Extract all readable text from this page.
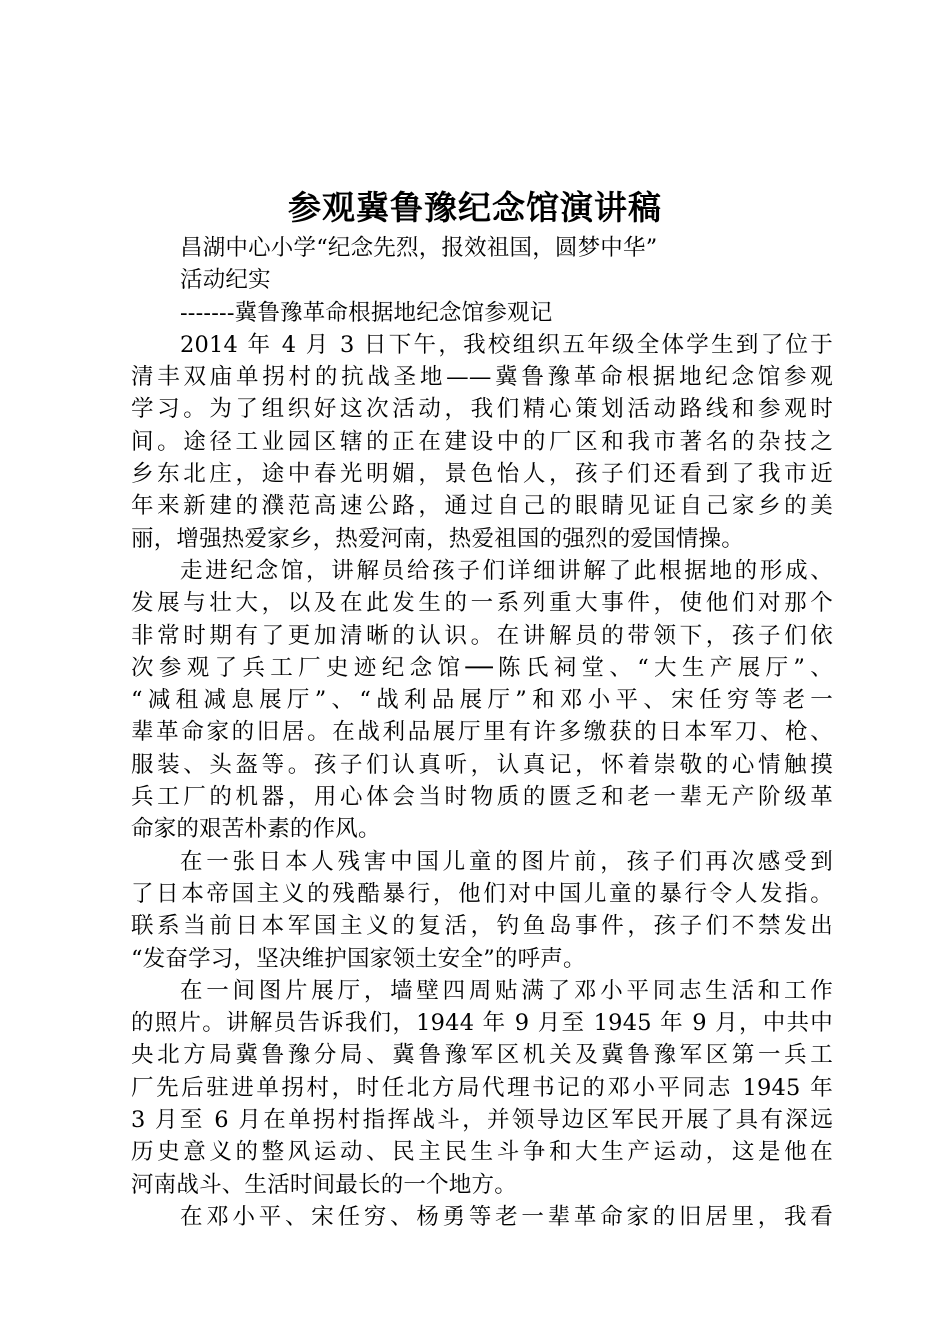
参观冀鲁豫纪念馆演讲稿
昌湖中心小学“纪念先烈，报效祖国，圆梦中华”
活动纪实
-------冀鲁豫革命根据地纪念馆参观记
2014 年 4 月 3 日下午，我校组织五年级全体学生到了位于
清丰双庙单拐村的抗战圣地——冀鲁豫革命根据地纪念馆参观
学习。为了组织好这次活动，我们精心策划活动路线和参观时
间。途径工业园区辖的正在建设中的厂区和我市著名的杂技之
乡东北庄，途中春光明媚，景色怡人，孩子们还看到了我市近
年来新建的濮范高速公路，通过自己的眼睛见证自己家乡的美
丽，增强热爱家乡，热爱河南，热爱祖国的强烈的爱国情操。
走进纪念馆，讲解员给孩子们详细讲解了此根据地的形成、
发展与壮大，以及在此发生的一系列重大事件，使他们对那个
非常时期有了更加清晰的认识。在讲解员的带领下，孩子们依
次参观了兵工厂史迹纪念馆──陈氏祠堂、“大生产展厅”、
“减租减息展厅”、“战利品展厅”和邓小平、宋任穷等老一
辈革命家的旧居。在战利品展厅里有许多缴获的日本军刀、枪、
服装、头盔等。孩子们认真听，认真记，怀着崇敬的心情触摸
兵工厂的机器，用心体会当时物质的匮乏和老一辈无产阶级革
命家的艰苦朴素的作风。
在一张日本人残害中国儿童的图片前，孩子们再次感受到
了日本帝国主义的残酷暴行，他们对中国儿童的暴行令人发指。
联系当前日本军国主义的复活，钓鱼岛事件，孩子们不禁发出
“发奋学习，坚决维护国家领土安全”的呼声。
在一间图片展厅，墙壁四周贴满了邓小平同志生活和工作
的照片。讲解员告诉我们，1944 年 9 月至 1945 年 9 月，中共中
央北方局冀鲁豫分局、冀鲁豫军区机关及冀鲁豫军区第一兵工
厂先后驻进单拐村，时任北方局代理书记的邓小平同志 1945 年
3 月至 6 月在单拐村指挥战斗，并领导边区军民开展了具有深远
历史意义的整风运动、民主民生斗争和大生产运动，这是他在
河南战斗、生活时间最长的一个地方。
在邓小平、宋任穷、杨勇等老一辈革命家的旧居里，我看
